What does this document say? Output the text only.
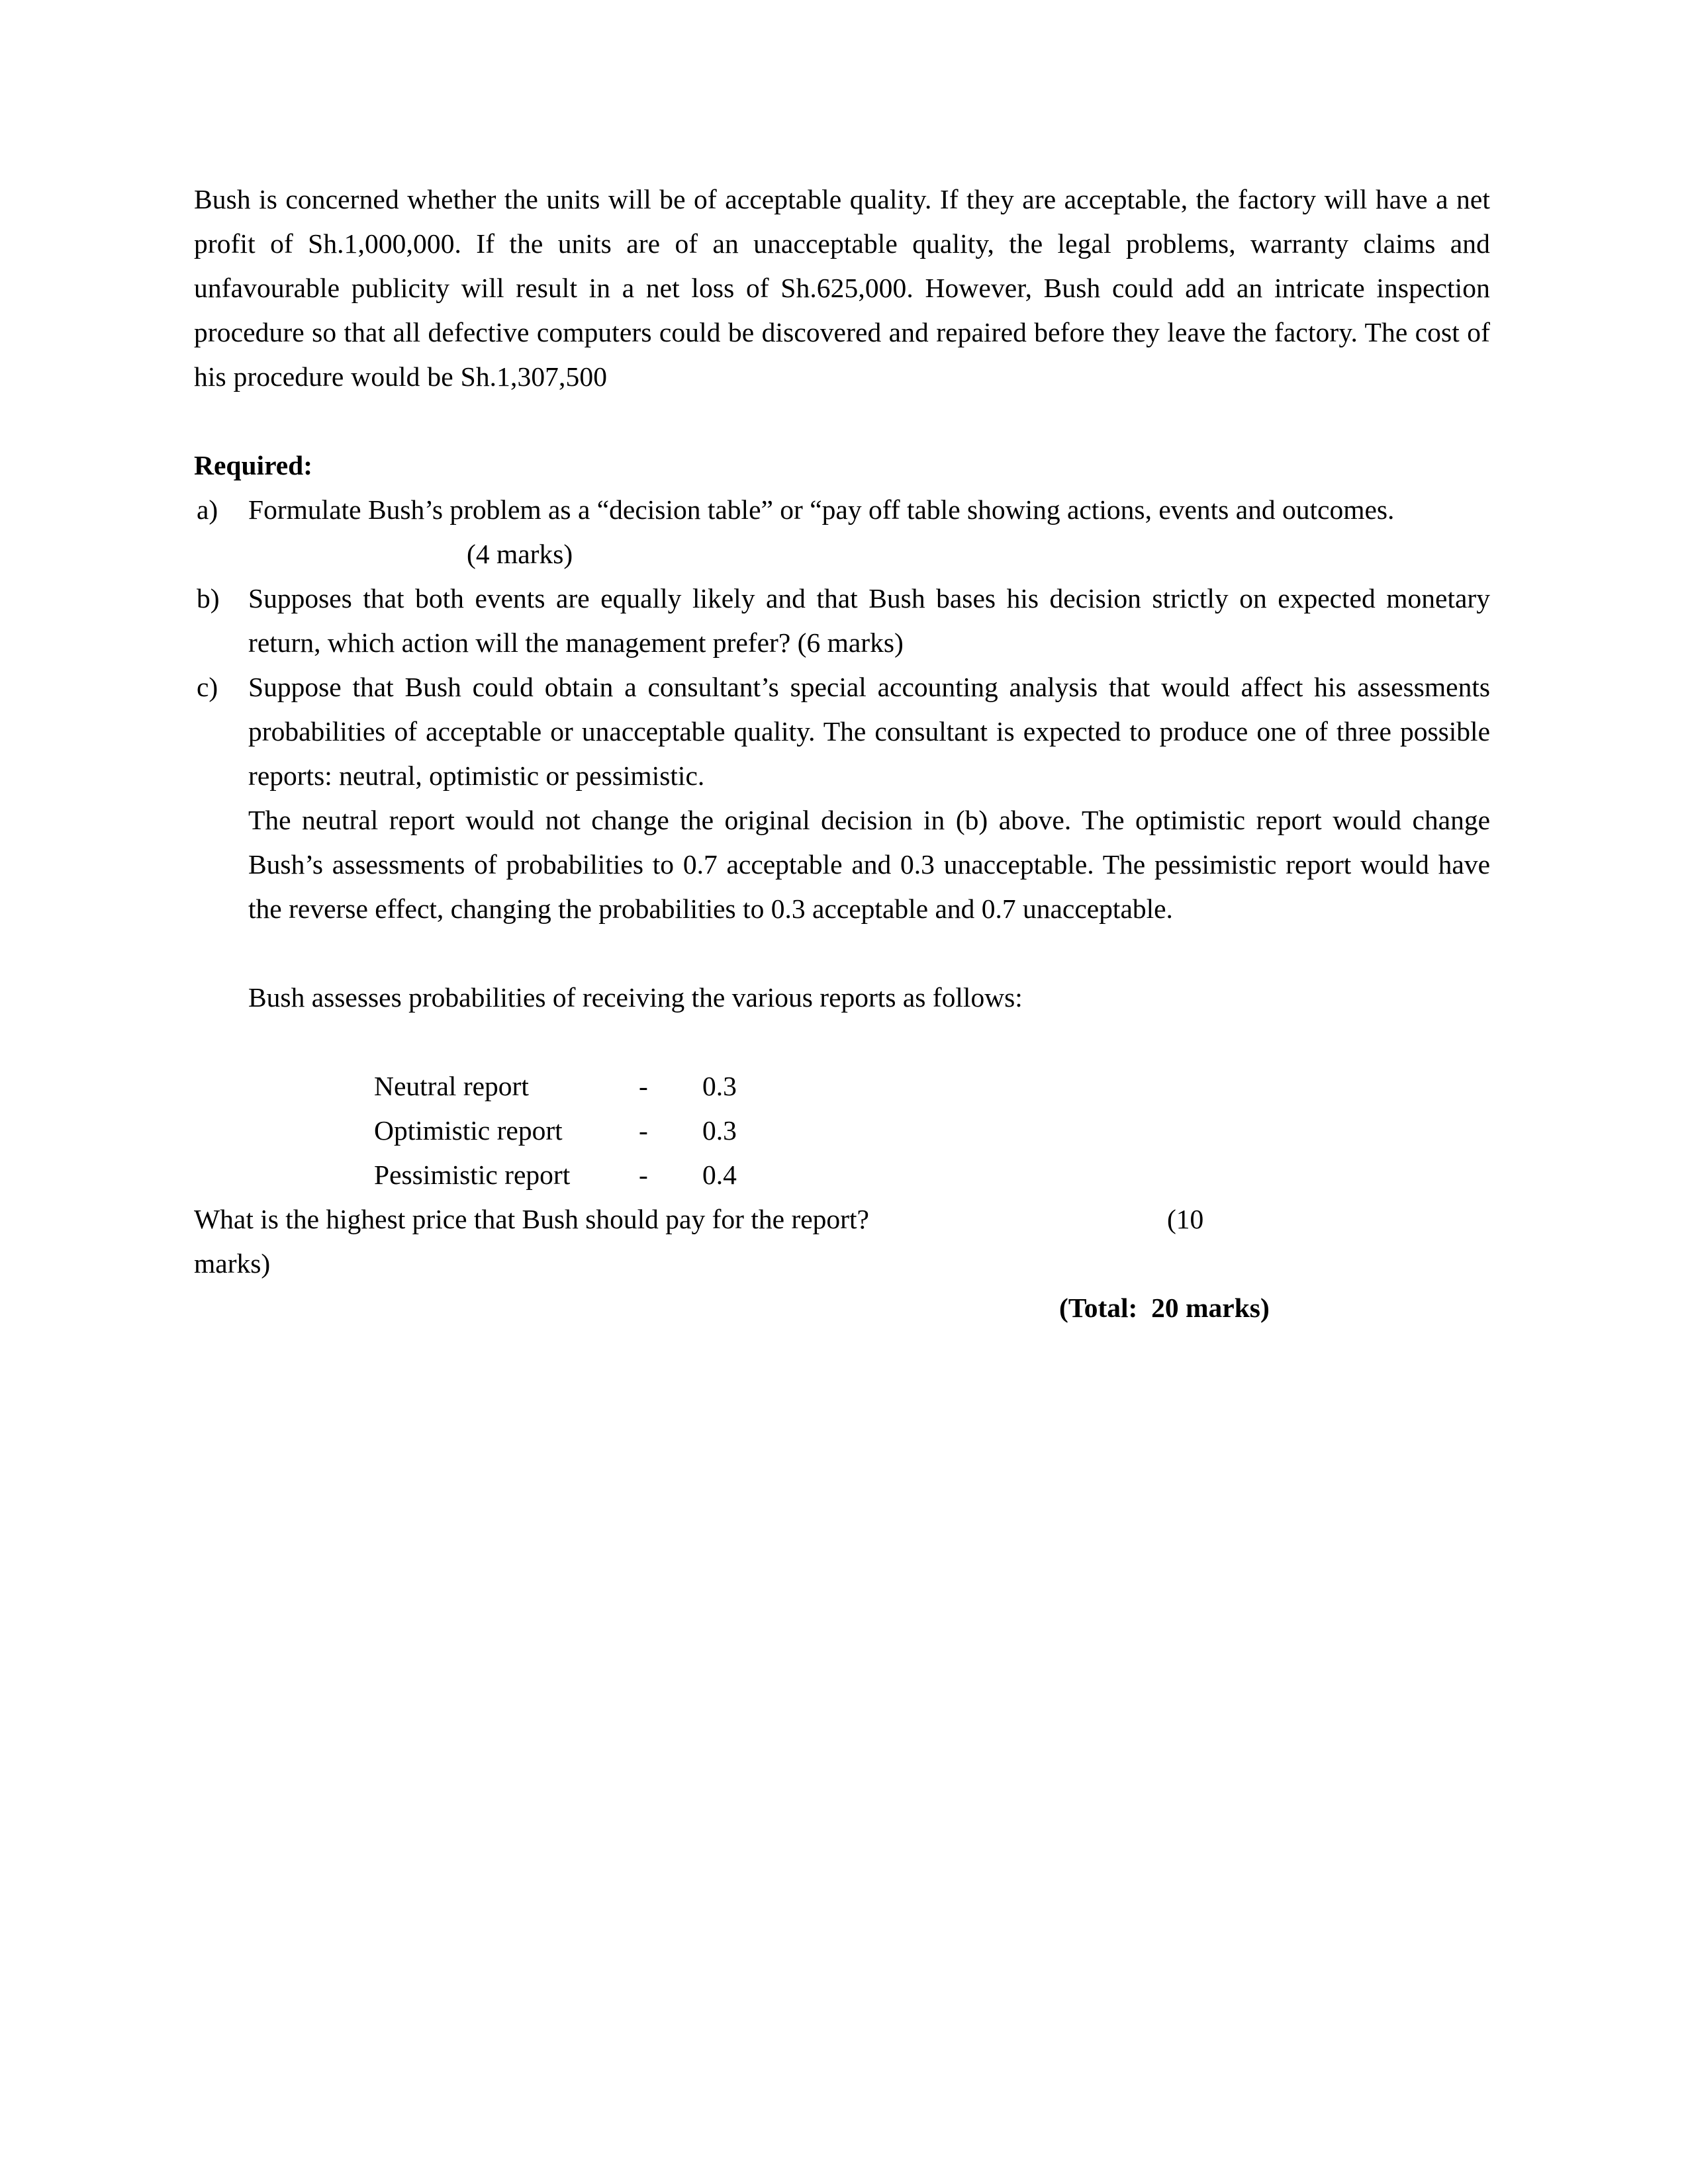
Bush is concerned whether the units will be of acceptable quality. If they are acceptable, the factory will have a net profit of Sh.1,000,000. If the units are of an unacceptable quality, the legal problems, warranty claims and unfavourable publicity will result in a net loss of Sh.625,000. However, Bush could add an intricate inspection procedure so that all defective computers could be discovered and repaired before they leave the factory. The cost of his procedure would be Sh.1,307,500

Required:

a)	Formulate Bush’s problem as a “decision table” or “pay off table showing actions, events and outcomes.
(4 marks)
b)	Supposes that both events are equally likely and that Bush bases his decision strictly on expected monetary return, which action will the management prefer? (6 marks)
c)	Suppose that Bush could obtain a consultant’s special accounting analysis that would affect his assessments probabilities of acceptable or unacceptable quality. The consultant is expected to produce one of three possible reports: neutral, optimistic or pessimistic.
The neutral report would not change the original decision in (b) above. The optimistic report would change Bush’s assessments of probabilities to 0.7 acceptable and 0.3 unacceptable. The pessimistic report would have the reverse effect, changing the probabilities to 0.3 acceptable and 0.7 unacceptable.
Bush assesses probabilities of receiving the various reports as follows:
Neutral report	-	0.3
Optimistic report	-	0.3
Pessimistic report	-	0.4

What is the highest price that Bush should pay for the report?	(10

marks)

(Total:  20 marks)
